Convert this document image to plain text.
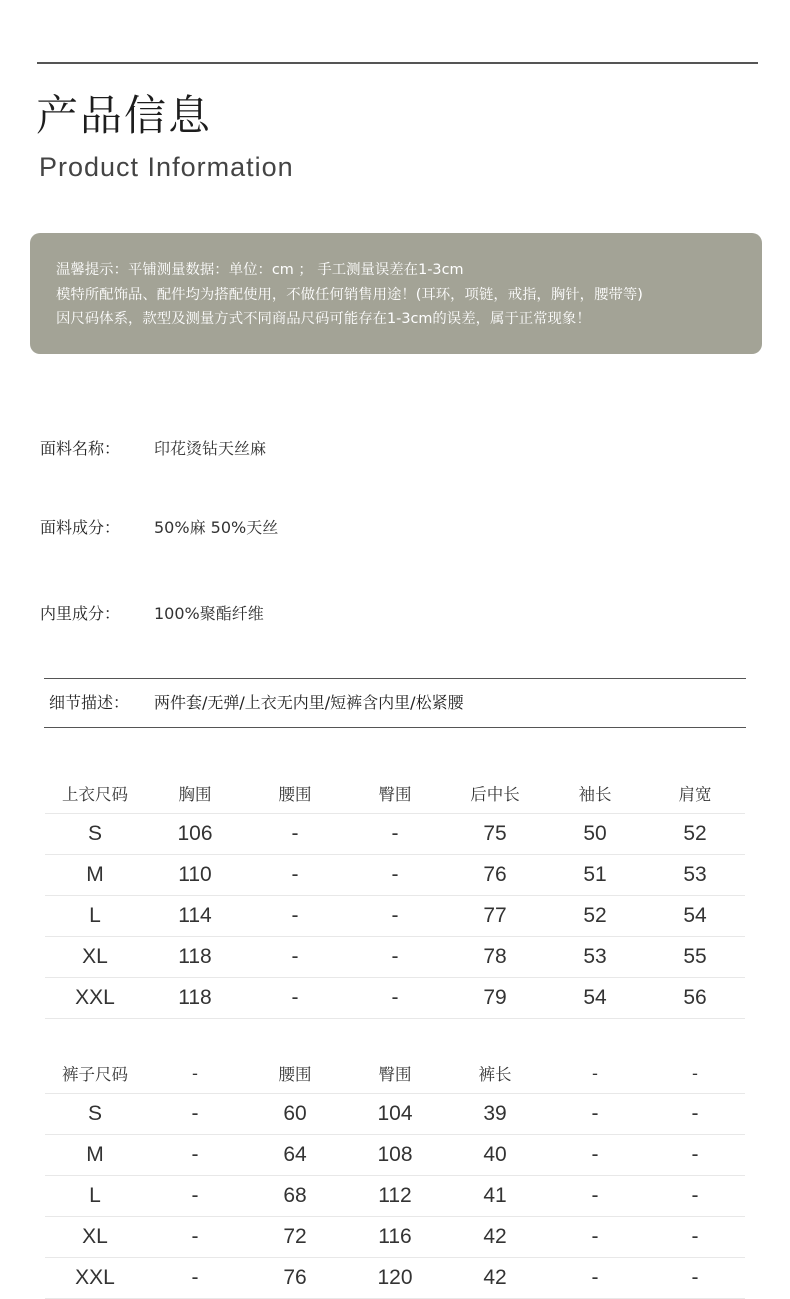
产品信息
Product Information
温馨提示：平铺测量数据：单位：cm ； 手工测量误差在1-3cm
模特所配饰品、配件均为搭配使用，不做任何销售用途！(耳环，项链，戒指，胸针，腰带等)
因尺码体系，款型及测量方式不同商品尺码可能存在1-3cm的误差，属于正常现象！
面料名称： 印花烫钻天丝麻
面料成分： 50%麻 50%天丝
内里成分： 100%聚酯纤维
细节描述： 两件套/无弹/上衣无内里/短裤含内里/松紧腰
上衣尺码	胸围	腰围	臀围	后中长	袖长	肩宽
S	106	-	-	75	50	52
M	110	-	-	76	51	53
L	114	-	-	77	52	54
XL	118	-	-	78	53	55
XXL	118	-	-	79	54	56
裤子尺码	-	腰围	臀围	裤长	-	-
S	-	60	104	39	-	-
M	-	64	108	40	-	-
L	-	68	112	41	-	-
XL	-	72	116	42	-	-
XXL	-	76	120	42	-	-
